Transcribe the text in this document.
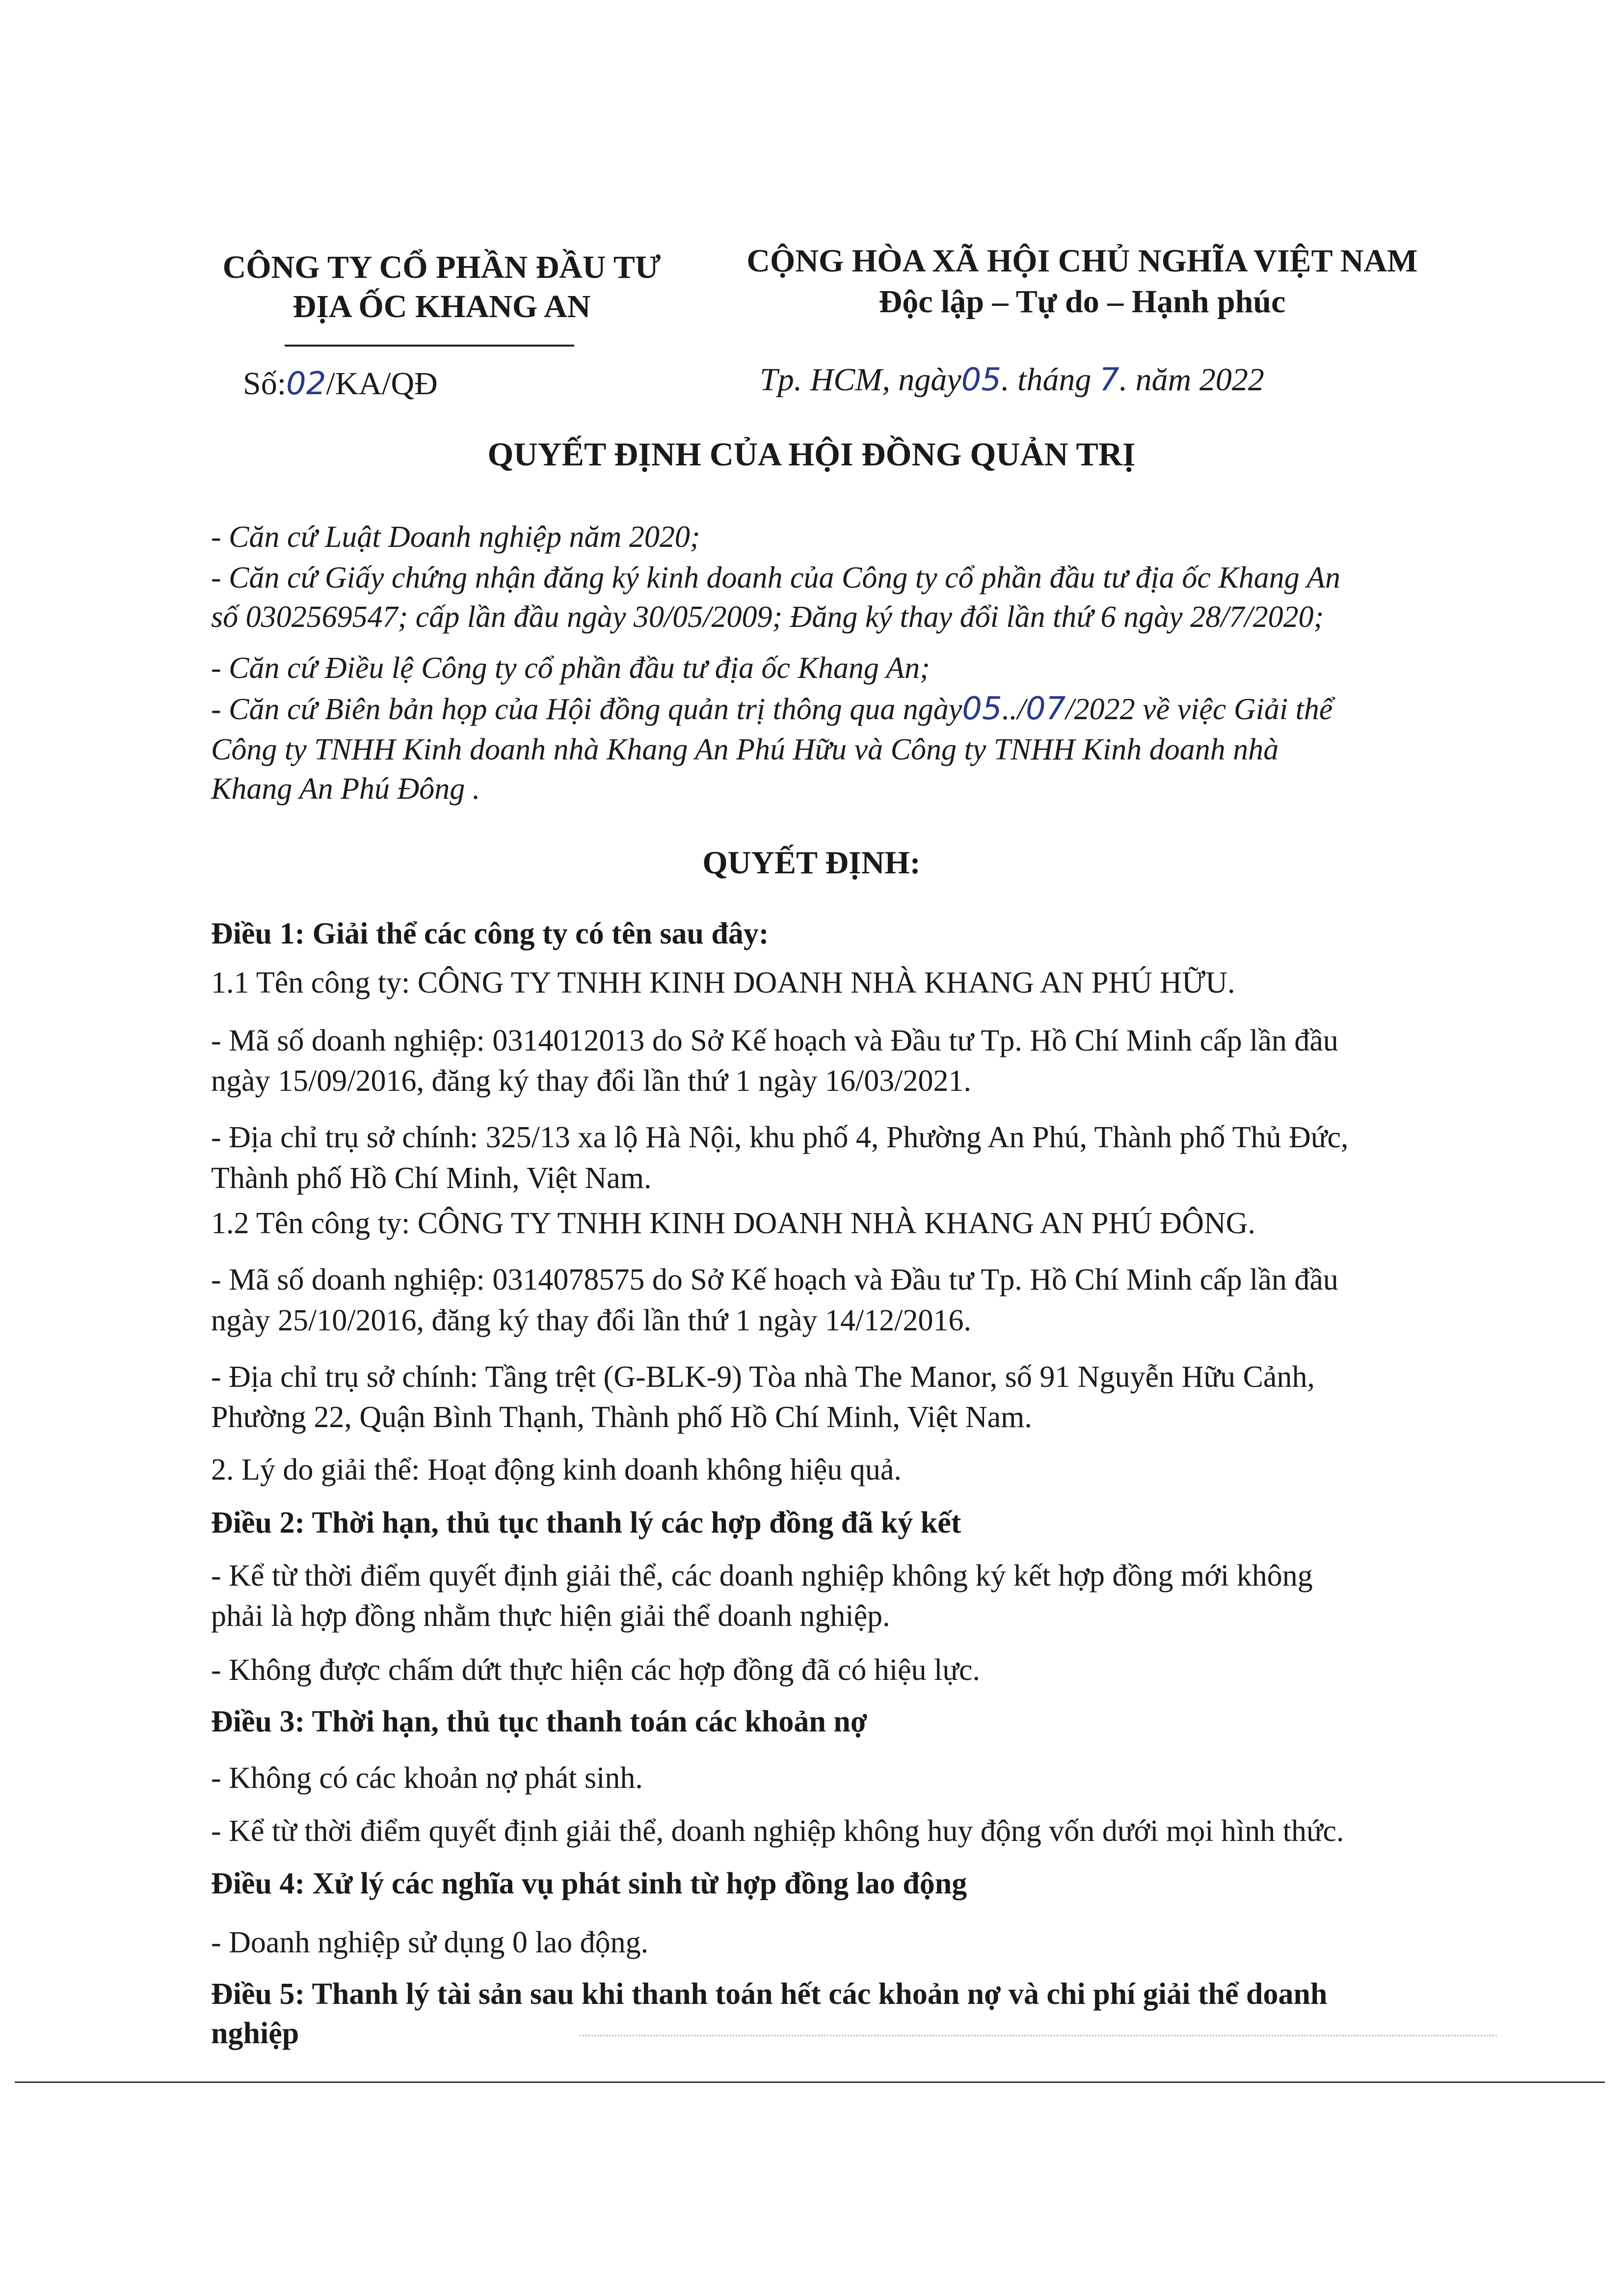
CÔNG TY CỔ PHẦN ĐẦU TƯ
ĐỊA ỐC KHANG AN
CỘNG HÒA XÃ HỘI CHỦ NGHĨA VIỆT NAM
Độc lập – Tự do – Hạnh phúc
Số:02/KA/QĐ	Tp. HCM, ngày05. tháng 7. năm 2022
QUYẾT ĐỊNH CỦA HỘI ĐỒNG QUẢN TRỊ
- Căn cứ Luật Doanh nghiệp năm 2020;
- Căn cứ Giấy chứng nhận đăng ký kinh doanh của Công ty cổ phần đầu tư địa ốc Khang An
số 0302569547; cấp lần đầu ngày 30/05/2009; Đăng ký thay đổi lần thứ 6 ngày 28/7/2020;
- Căn cứ Điều lệ Công ty cổ phần đầu tư địa ốc Khang An;
- Căn cứ Biên bản họp của Hội đồng quản trị thông qua ngày05../07/2022 về việc Giải thể
Công ty TNHH Kinh doanh nhà Khang An Phú Hữu và Công ty TNHH Kinh doanh nhà
Khang An Phú Đông .
QUYẾT ĐỊNH:
Điều 1: Giải thể các công ty có tên sau đây:
1.1 Tên công ty: CÔNG TY TNHH KINH DOANH NHÀ KHANG AN PHÚ HỮU.
- Mã số doanh nghiệp: 0314012013 do Sở Kế hoạch và Đầu tư Tp. Hồ Chí Minh cấp lần đầu
ngày 15/09/2016, đăng ký thay đổi lần thứ 1 ngày 16/03/2021.
- Địa chỉ trụ sở chính: 325/13 xa lộ Hà Nội, khu phố 4, Phường An Phú, Thành phố Thủ Đức,
Thành phố Hồ Chí Minh, Việt Nam.
1.2 Tên công ty: CÔNG TY TNHH KINH DOANH NHÀ KHANG AN PHÚ ĐÔNG.
- Mã số doanh nghiệp: 0314078575 do Sở Kế hoạch và Đầu tư Tp. Hồ Chí Minh cấp lần đầu
ngày 25/10/2016, đăng ký thay đổi lần thứ 1 ngày 14/12/2016.
- Địa chỉ trụ sở chính: Tầng trệt (G-BLK-9) Tòa nhà The Manor, số 91 Nguyễn Hữu Cảnh,
Phường 22, Quận Bình Thạnh, Thành phố Hồ Chí Minh, Việt Nam.
2. Lý do giải thể: Hoạt động kinh doanh không hiệu quả.
Điều 2: Thời hạn, thủ tục thanh lý các hợp đồng đã ký kết
- Kể từ thời điểm quyết định giải thể, các doanh nghiệp không ký kết hợp đồng mới không
phải là hợp đồng nhằm thực hiện giải thể doanh nghiệp.
- Không được chấm dứt thực hiện các hợp đồng đã có hiệu lực.
Điều 3: Thời hạn, thủ tục thanh toán các khoản nợ
- Không có các khoản nợ phát sinh.
- Kể từ thời điểm quyết định giải thể, doanh nghiệp không huy động vốn dưới mọi hình thức.
Điều 4: Xử lý các nghĩa vụ phát sinh từ hợp đồng lao động
- Doanh nghiệp sử dụng 0 lao động.
Điều 5: Thanh lý tài sản sau khi thanh toán hết các khoản nợ và chi phí giải thể doanh
nghiệp
